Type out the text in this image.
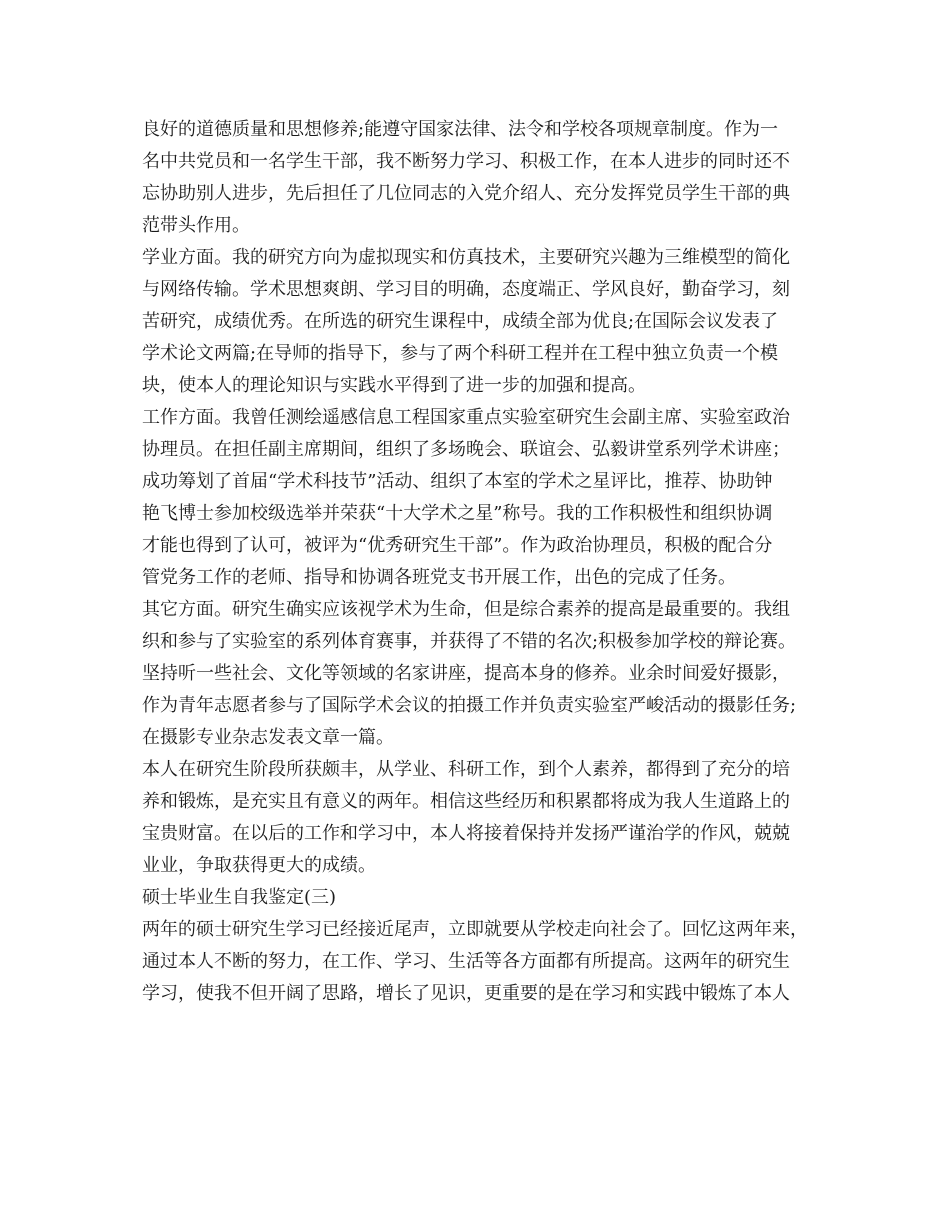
良好的道德质量和思想修养;能遵守国家法律、法令和学校各项规章制度。作为一
名中共党员和一名学生干部，我不断努力学习、积极工作，在本人进步的同时还不
忘协助别人进步，先后担任了几位同志的入党介绍人、充分发挥党员学生干部的典
范带头作用。
学业方面。我的研究方向为虚拟现实和仿真技术，主要研究兴趣为三维模型的简化
与网络传输。学术思想爽朗、学习目的明确，态度端正、学风良好，勤奋学习，刻
苦研究，成绩优秀。在所选的研究生课程中，成绩全部为优良;在国际会议发表了
学术论文两篇;在导师的指导下，参与了两个科研工程并在工程中独立负责一个模
块，使本人的理论知识与实践水平得到了进一步的加强和提高。
工作方面。我曾任测绘遥感信息工程国家重点实验室研究生会副主席、实验室政治
协理员。在担任副主席期间，组织了多场晚会、联谊会、弘毅讲堂系列学术讲座；
成功筹划了首届“学术科技节”活动、组织了本室的学术之星评比，推荐、协助钟
艳飞博士参加校级选举并荣获“十大学术之星”称号。我的工作积极性和组织协调
才能也得到了认可，被评为“优秀研究生干部”。作为政治协理员，积极的配合分
管党务工作的老师、指导和协调各班党支书开展工作，出色的完成了任务。
其它方面。研究生确实应该视学术为生命，但是综合素养的提高是最重要的。我组
织和参与了实验室的系列体育赛事，并获得了不错的名次;积极参加学校的辩论赛。
坚持听一些社会、文化等领域的名家讲座，提高本身的修养。业余时间爱好摄影，
作为青年志愿者参与了国际学术会议的拍摄工作并负责实验室严峻活动的摄影任务;
在摄影专业杂志发表文章一篇。
本人在研究生阶段所获颇丰，从学业、科研工作，到个人素养，都得到了充分的培
养和锻炼，是充实且有意义的两年。相信这些经历和积累都将成为我人生道路上的
宝贵财富。在以后的工作和学习中，本人将接着保持并发扬严谨治学的作风，兢兢
业业，争取获得更大的成绩。
硕士毕业生自我鉴定(三)
两年的硕士研究生学习已经接近尾声，立即就要从学校走向社会了。回忆这两年来，
通过本人不断的努力，在工作、学习、生活等各方面都有所提高。这两年的研究生
学习，使我不但开阔了思路，增长了见识，更重要的是在学习和实践中锻炼了本人
